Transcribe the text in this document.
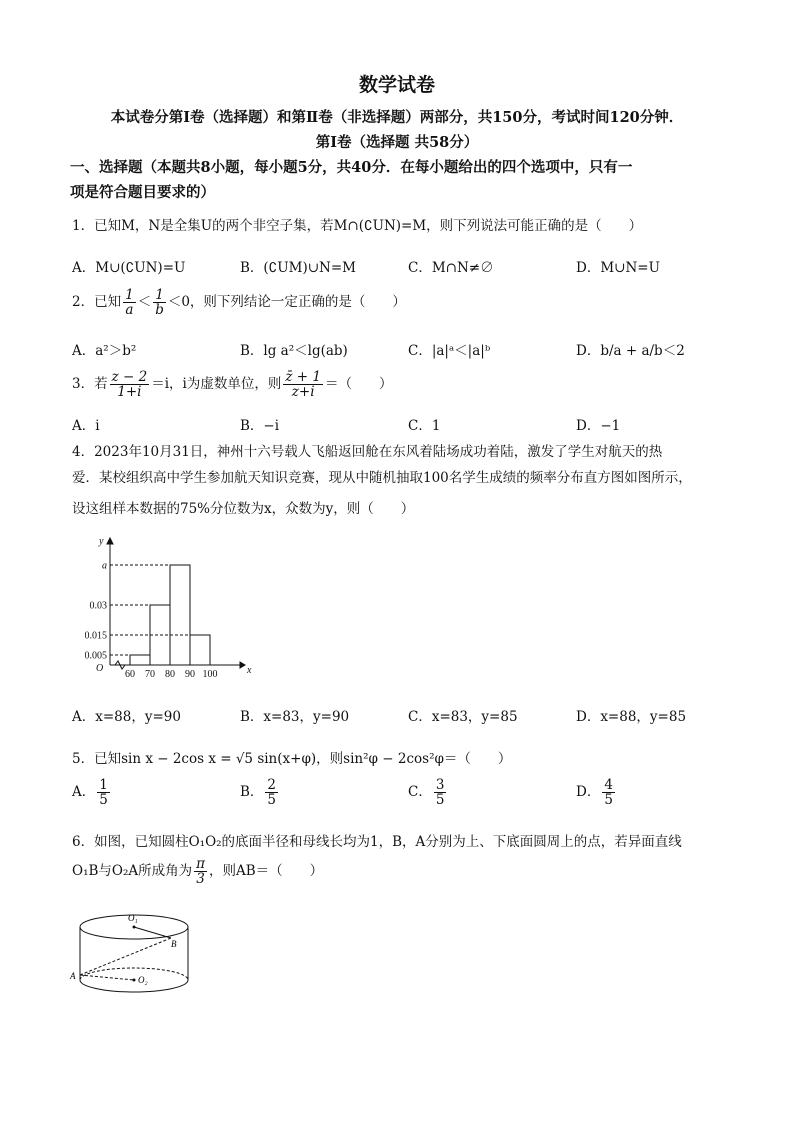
数学试卷
本试卷分第Ⅰ卷（选择题）和第Ⅱ卷（非选择题）两部分，共150分，考试时间120分钟．
第Ⅰ卷（选择题 共58分）
一、选择题（本题共8小题，每小题5分，共40分．在每小题给出的四个选项中，只有一
项是符合题目要求的）
1．已知M，N是全集U的两个非空子集，若M∩(∁UN)=M，则下列说法可能正确的是（　　）
A．M∪(∁UN)=U	B．(∁UM)∪N=M	C．M∩N≠∅	D．M∪N=U
2．已知 $\frac{1}{a} < \frac{1}{b} <0$，则下列结论一定正确的是（　　）
A．a²＞b²	B．lg a²＜lg(ab)	C．|a|ᵃ＜|a|ᵇ	D．b/a + a/b＜2
3．若 $\frac{z - 2}{1+i} =i$，i为虚数单位，则 $\frac{z̄ + 1}{z+i}$ ＝（　　）
A．i	B．−i	C．1	D．−1
4．2023年10月31日，神州十六号载人飞船返回舱在东风着陆场成功着陆，激发了学生对航天的热
爱．某校组织高中学生参加航天知识竞赛，现从中随机抽取100名学生成绩的频率分布直方图如图所示，
设这组样本数据的75%分位数为x，众数为y，则（　　）
a
0.03
0.015
0.005
60 70 80 90 100
O	x
y
A．x=88，y=90	B．x=83，y=90	C．x=83，y=85	D．x=88，y=85
5．已知sin x − 2cos x = √5 sin(x+φ)，则sin²φ − 2cos²φ＝（　　）
A． $\frac{1}{5}$	B． $\frac{2}{5}$	C． $\frac{3}{5}$	D． $\frac{4}{5}$
6．如图，已知圆柱O₁O₂的底面半径和母线长均为1，B，A分别为上、下底面圆周上的点，若异面直线
O₁B与O₂A所成角为 $\frac{\pi}{3}$ ，则AB＝（　　）
O₁
O₂
A
B
